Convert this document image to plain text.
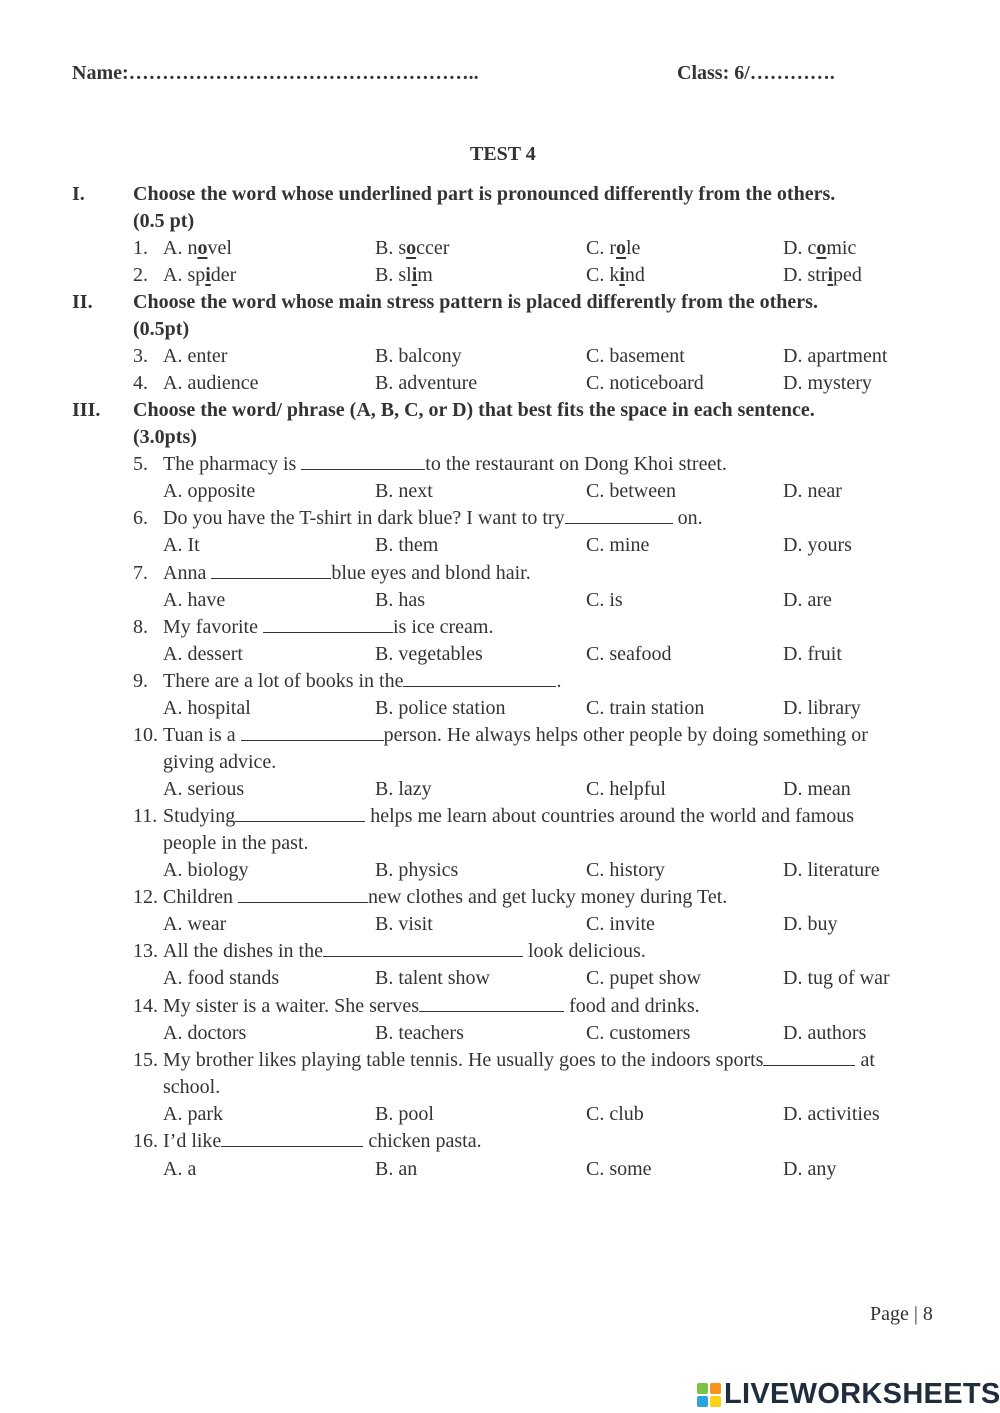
Name:……………………………………………..	Class: 6/………….
TEST 4
I. Choose the word whose underlined part is pronounced differently from the others.
(0.5 pt)
1. A. novel	B. soccer	C. role	D. comic
2. A. spider	B. slim	C. kind	D. striped
II. Choose the word whose main stress pattern is placed differently from the others.
(0.5pt)
3. A. enter	B. balcony	C. basement	D. apartment
4. A. audience	B. adventure	C. noticeboard	D. mystery
III. Choose the word/ phrase (A, B, C, or D) that best fits the space in each sentence.
(3.0pts)
5. The pharmacy is	to the restaurant on Dong Khoi street.
A. opposite	B. next	C. between	D. near
6. Do you have the T-shirt in dark blue? I want to try	on.
A. It	B. them	C. mine	D. yours
7. Anna	blue eyes and blond hair.
A. have	B. has	C. is	D. are
8. My favorite	is ice cream.
A. dessert	B. vegetables	C. seafood	D. fruit
9. There are a lot of books in the	.
A. hospital	B. police station	C. train station	D. library
10. Tuan is a	person. He always helps other people by doing something or
giving advice.
A. serious	B. lazy	C. helpful	D. mean
11. Studying	helps me learn about countries around the world and famous
people in the past.
A. biology	B. physics	C. history	D. literature
12. Children	new clothes and get lucky money during Tet.
A. wear	B. visit	C. invite	D. buy
13. All the dishes in the	look delicious.
A. food stands	B. talent show	C. pupet show	D. tug of war
14. My sister is a waiter. She serves	food and drinks.
A. doctors	B. teachers	C. customers	D. authors
15. My brother likes playing table tennis. He usually goes to the indoors sports	at
school.
A. park	B. pool	C. club	D. activities
16. I’d like	chicken pasta.
A. a	B. an	C. some	D. any
Page | 8
LIVEWORKSHEETS
